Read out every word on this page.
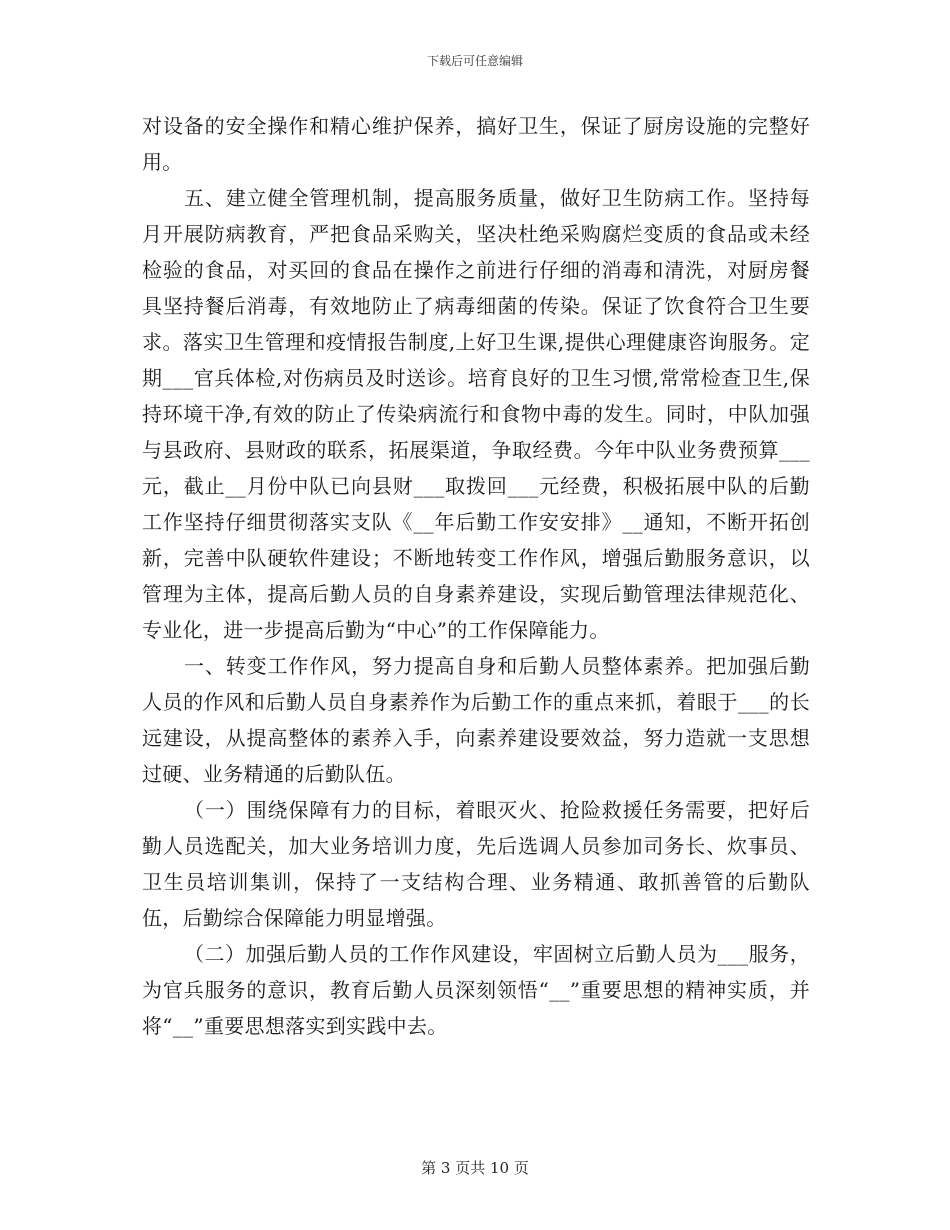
下载后可任意编辑

对设备的安全操作和精心维护保养，搞好卫生，保证了厨房设施的完整好用。

五、建立健全管理机制，提高服务质量，做好卫生防病工作。坚持每月开展防病教育，严把食品采购关，坚决杜绝采购腐烂变质的食品或未经检验的食品，对买回的食品在操作之前进行仔细的消毒和清洗，对厨房餐具坚持餐后消毒，有效地防止了病毒细菌的传染。保证了饮食符合卫生要求。落实卫生管理和疫情报告制度,上好卫生课,提供心理健康咨询服务。定期___官兵体检,对伤病员及时送诊。培育良好的卫生习惯,常常检查卫生,保持环境干净,有效的防止了传染病流行和食物中毒的发生。同时，中队加强与县政府、县财政的联系，拓展渠道，争取经费。今年中队业务费预算___元，截止__月份中队已向县财___取拨回___元经费，积极拓展中队的后勤工作坚持仔细贯彻落实支队《__年后勤工作安安排》__通知，不断开拓创新，完善中队硬软件建设；不断地转变工作作风，增强后勤服务意识，以管理为主体，提高后勤人员的自身素养建设，实现后勤管理法律规范化、专业化，进一步提高后勤为“中心”的工作保障能力。

一、转变工作作风，努力提高自身和后勤人员整体素养。把加强后勤人员的作风和后勤人员自身素养作为后勤工作的重点来抓，着眼于___的长远建设，从提高整体的素养入手，向素养建设要效益，努力造就一支思想过硬、业务精通的后勤队伍。

（一）围绕保障有力的目标，着眼灭火、抢险救援任务需要，把好后勤人员选配关，加大业务培训力度，先后选调人员参加司务长、炊事员、卫生员培训集训，保持了一支结构合理、业务精通、敢抓善管的后勤队伍，后勤综合保障能力明显增强。

（二）加强后勤人员的工作作风建设，牢固树立后勤人员为___服务，为官兵服务的意识，教育后勤人员深刻领悟“__”重要思想的精神实质，并将“__”重要思想落实到实践中去。

第 3 页共 10 页
